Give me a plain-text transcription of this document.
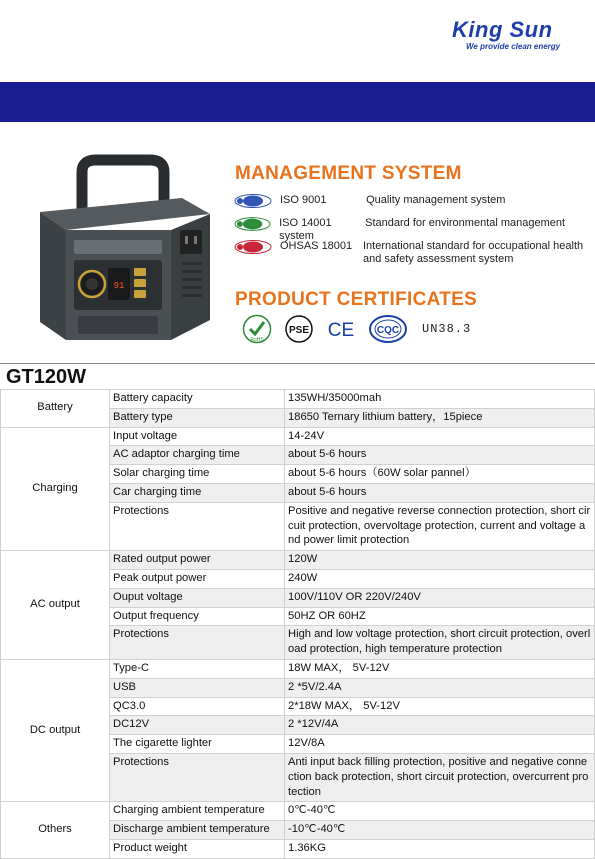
King Sun
We provide clean energy
91
MANAGEMENT SYSTEM
ISO 9001	Quality management system
ISO 14001	Standard for environmental management system
OHSAS 18001 International standard for occupational health and safety assessment system
PRODUCT CERTIFICATES
RoHS
PSE CE CQC UN38.3
GT120W
Battery	Battery capacity	135WH/35000mah
	Battery type	18650 Ternary lithium battery，15piece
Charging	Input voltage	14-24V
	AC adaptor charging time	about 5-6 hours
	Solar charging time	about 5-6 hours（60W solar pannel）
	Car charging time	about 5-6 hours
	Protections	Positive and negative reverse connection protection, short circuit protection, overvoltage protection, current and voltage and power limit protection
AC output	Rated output power	120W
	Peak output power	240W
	Ouput voltage	100V/110V OR 220V/240V
	Output frequency	50HZ OR 60HZ
	Protections	High and low voltage protection, short circuit protection, overload protection, high temperature protection
DC output	Type-C	18W MAX， 5V-12V
	USB	2 *5V/2.4A
	QC3.0	2*18W MAX， 5V-12V
	DC12V	2 *12V/4A
	The cigarette lighter	12V/8A
	Protections	Anti input back filling protection, positive and negative connection back protection, short circuit protection, overcurrent protection
Others	Charging ambient temperature	0℃-40℃
	Discharge ambient temperature	-10℃-40℃
	Product weight	1.36KG
